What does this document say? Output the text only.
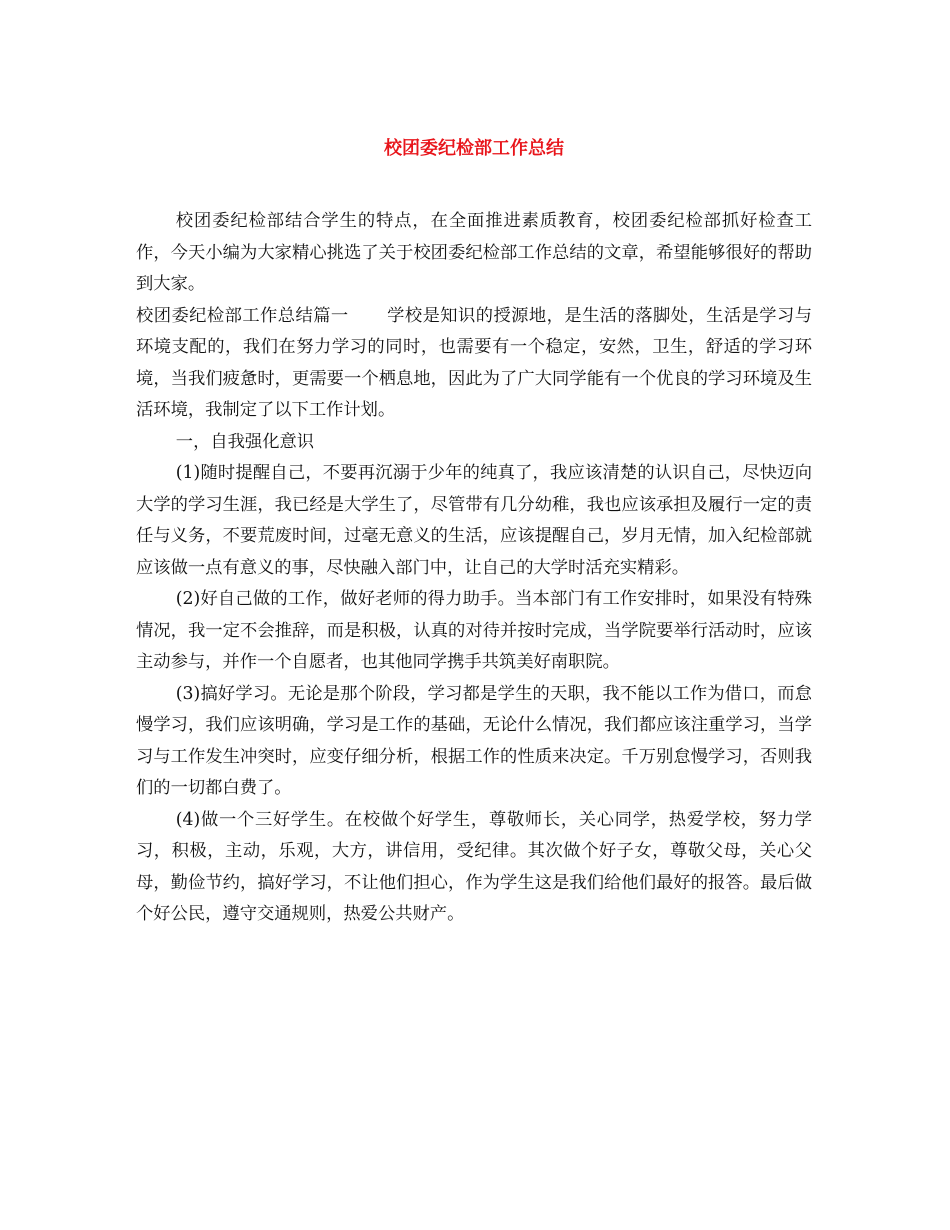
校团委纪检部工作总结

校团委纪检部结合学生的特点，在全面推进素质教育，校团委纪检部抓好检查工作，今天小编为大家精心挑选了关于校团委纪检部工作总结的文章，希望能够很好的帮助到大家。

校团委纪检部工作总结篇一 学校是知识的授源地，是生活的落脚处，生活是学习与环境支配的，我们在努力学习的同时，也需要有一个稳定，安然，卫生，舒适的学习环境，当我们疲惫时，更需要一个栖息地，因此为了广大同学能有一个优良的学习环境及生活环境，我制定了以下工作计划。

一，自我强化意识

(1)随时提醒自己，不要再沉溺于少年的纯真了，我应该清楚的认识自己，尽快迈向大学的学习生涯，我已经是大学生了，尽管带有几分幼稚，我也应该承担及履行一定的责任与义务，不要荒废时间，过毫无意义的生活，应该提醒自己，岁月无情，加入纪检部就应该做一点有意义的事，尽快融入部门中，让自己的大学时活充实精彩。

(2)好自己做的工作，做好老师的得力助手。当本部门有工作安排时，如果没有特殊情况，我一定不会推辞，而是积极，认真的对待并按时完成，当学院要举行活动时，应该主动参与，并作一个自愿者，也其他同学携手共筑美好南职院。

(3)搞好学习。无论是那个阶段，学习都是学生的天职，我不能以工作为借口，而怠慢学习，我们应该明确，学习是工作的基础，无论什么情况，我们都应该注重学习，当学习与工作发生冲突时，应变仔细分析，根据工作的性质来决定。千万别怠慢学习，否则我们的一切都白费了。

(4)做一个三好学生。在校做个好学生，尊敬师长，关心同学，热爱学校，努力学习，积极，主动，乐观，大方，讲信用，受纪律。其次做个好子女，尊敬父母，关心父母，勤俭节约，搞好学习，不让他们担心，作为学生这是我们给他们最好的报答。最后做个好公民，遵守交通规则，热爱公共财产。
